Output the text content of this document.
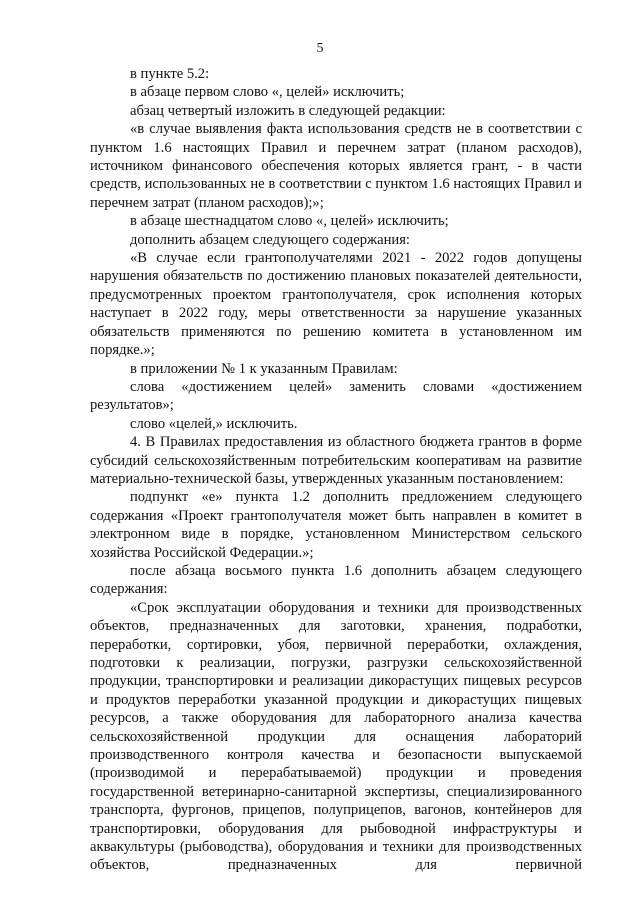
5

в пункте 5.2:

в абзаце первом слово «, целей» исключить;

абзац четвертый изложить в следующей редакции:

«в случае выявления факта использования средств не в соответствии с пунктом 1.6 настоящих Правил и перечнем затрат (планом расходов), источником финансового обеспечения которых является грант, - в части средств, использованных не в соответствии с пунктом 1.6 настоящих Правил и перечнем затрат (планом расходов);»;

в абзаце шестнадцатом слово «, целей» исключить;

дополнить абзацем следующего содержания:

«В случае если грантополучателями 2021 - 2022 годов допущены нарушения обязательств по достижению плановых показателей деятельности, предусмотренных проектом грантополучателя, срок исполнения которых наступает в 2022 году, меры ответственности за нарушение указанных обязательств применяются по решению комитета в установленном им порядке.»;

в приложении № 1 к указанным Правилам:

слова «достижением целей» заменить словами «достижением результатов»;

слово «целей,» исключить.

4. В Правилах предоставления из областного бюджета грантов в форме субсидий сельскохозяйственным потребительским кооперативам на развитие материально-технической базы, утвержденных указанным постановлением:

подпункт «е» пункта 1.2 дополнить предложением следующего содержания «Проект грантополучателя может быть направлен в комитет в электронном виде в порядке, установленном Министерством сельского хозяйства Российской Федерации.»;

после абзаца восьмого пункта 1.6 дополнить абзацем следующего содержания:

«Срок эксплуатации оборудования и техники для производственных объектов, предназначенных для заготовки, хранения, подработки, переработки, сортировки, убоя, первичной переработки, охлаждения, подготовки к реализации, погрузки, разгрузки сельскохозяйственной продукции, транспортировки и реализации дикорастущих пищевых ресурсов и продуктов переработки указанной продукции и дикорастущих пищевых ресурсов, а также оборудования для лабораторного анализа качества сельскохозяйственной продукции для оснащения лабораторий производственного контроля качества и безопасности выпускаемой (производимой и перерабатываемой) продукции и проведения государственной ветеринарно-санитарной экспертизы, специализированного транспорта, фургонов, прицепов, полуприцепов, вагонов, контейнеров для транспортировки, оборудования для рыбоводной инфраструктуры и аквакультуры (рыбоводства), оборудования и техники для производственных объектов, предназначенных для первичной
